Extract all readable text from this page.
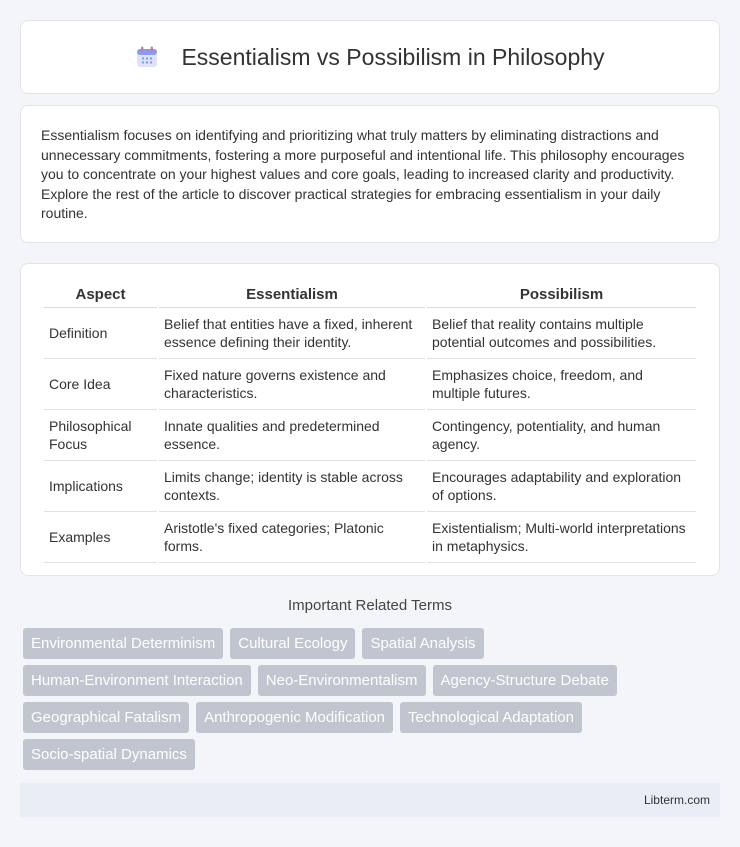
Essentialism vs Possibilism in Philosophy

Essentialism focuses on identifying and prioritizing what truly matters by eliminating distractions and unnecessary commitments, fostering a more purposeful and intentional life. This philosophy encourages you to concentrate on your highest values and core goals, leading to increased clarity and productivity. Explore the rest of the article to discover practical strategies for embracing essentialism in your daily routine.

Aspect	Essentialism	Possibilism
Definition	Belief that entities have a fixed, inherent essence defining their identity.	Belief that reality contains multiple potential outcomes and possibilities.
Core Idea	Fixed nature governs existence and characteristics.	Emphasizes choice, freedom, and multiple futures.
Philosophical Focus	Innate qualities and predetermined essence.	Contingency, potentiality, and human agency.
Implications	Limits change; identity is stable across contexts.	Encourages adaptability and exploration of options.
Examples	Aristotle's fixed categories; Platonic forms.	Existentialism; Multi-world interpretations in metaphysics.
Important Related Terms
Environmental Determinism	Cultural Ecology	Spatial Analysis
Human-Environment Interaction	Neo-Environmentalism	Agency-Structure Debate
Geographical Fatalism	Anthropogenic Modification	Technological Adaptation
Socio-spatial Dynamics
Libterm.com
